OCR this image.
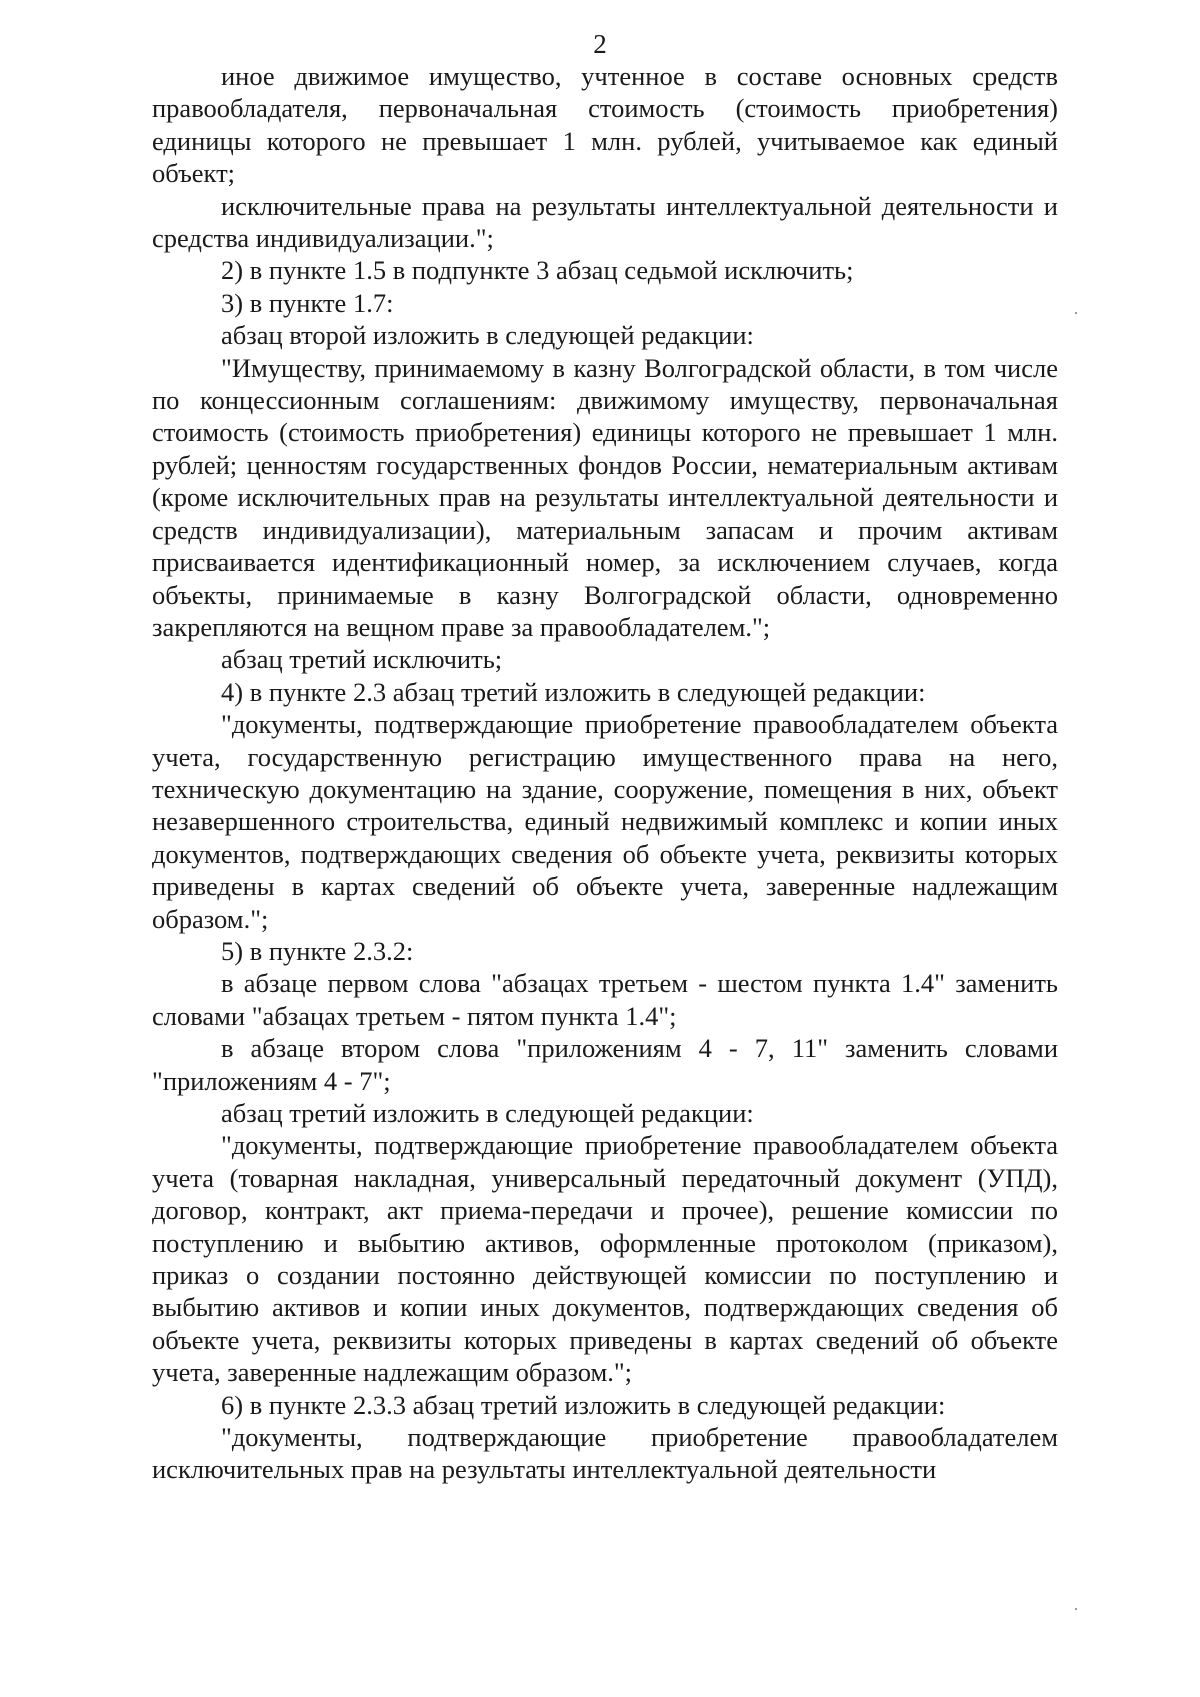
2

иное движимое имущество, учтенное в составе основных средств правообладателя, первоначальная стоимость (стоимость приобретения) единицы которого не превышает 1 млн. рублей, учитываемое как единый объект;

исключительные права на результаты интеллектуальной деятельности и средства индивидуализации.";

2) в пункте 1.5 в подпункте 3 абзац седьмой исключить;

3) в пункте 1.7:

абзац второй изложить в следующей редакции:

"Имуществу, принимаемому в казну Волгоградской области, в том числе по концессионным соглашениям: движимому имуществу, первоначальная стоимость (стоимость приобретения) единицы которого не превышает 1 млн. рублей; ценностям государственных фондов России, нематериальным активам (кроме исключительных прав на результаты интеллектуальной деятельности и средств индивидуализации), материальным запасам и прочим активам присваивается идентификационный номер, за исключением случаев, когда объекты, принимаемые в казну Волгоградской области, одновременно закрепляются на вещном праве за правообладателем.";

абзац третий исключить;

4) в пункте 2.3 абзац третий изложить в следующей редакции:

"документы, подтверждающие приобретение правообладателем объекта учета, государственную регистрацию имущественного права на него, техническую документацию на здание, сооружение, помещения в них, объект незавершенного строительства, единый недвижимый комплекс и копии иных документов, подтверждающих сведения об объекте учета, реквизиты которых приведены в картах сведений об объекте учета, заверенные надлежащим образом.";

5) в пункте 2.3.2:

в абзаце первом слова "абзацах третьем - шестом пункта 1.4" заменить словами "абзацах третьем - пятом пункта 1.4";

в абзаце втором слова "приложениям 4 - 7, 11" заменить словами "приложениям 4 - 7";

абзац третий изложить в следующей редакции:

"документы, подтверждающие приобретение правообладателем объекта учета (товарная накладная, универсальный передаточный документ (УПД), договор, контракт, акт приема-передачи и прочее), решение комиссии по поступлению и выбытию активов, оформленные протоколом (приказом), приказ о создании постоянно действующей комиссии по поступлению и выбытию активов и копии иных документов, подтверждающих сведения об объекте учета, реквизиты которых приведены в картах сведений об объекте учета, заверенные надлежащим образом.";

6) в пункте 2.3.3 абзац третий изложить в следующей редакции:

"документы, подтверждающие приобретение правообладателем исключительных прав на результаты интеллектуальной деятельности
